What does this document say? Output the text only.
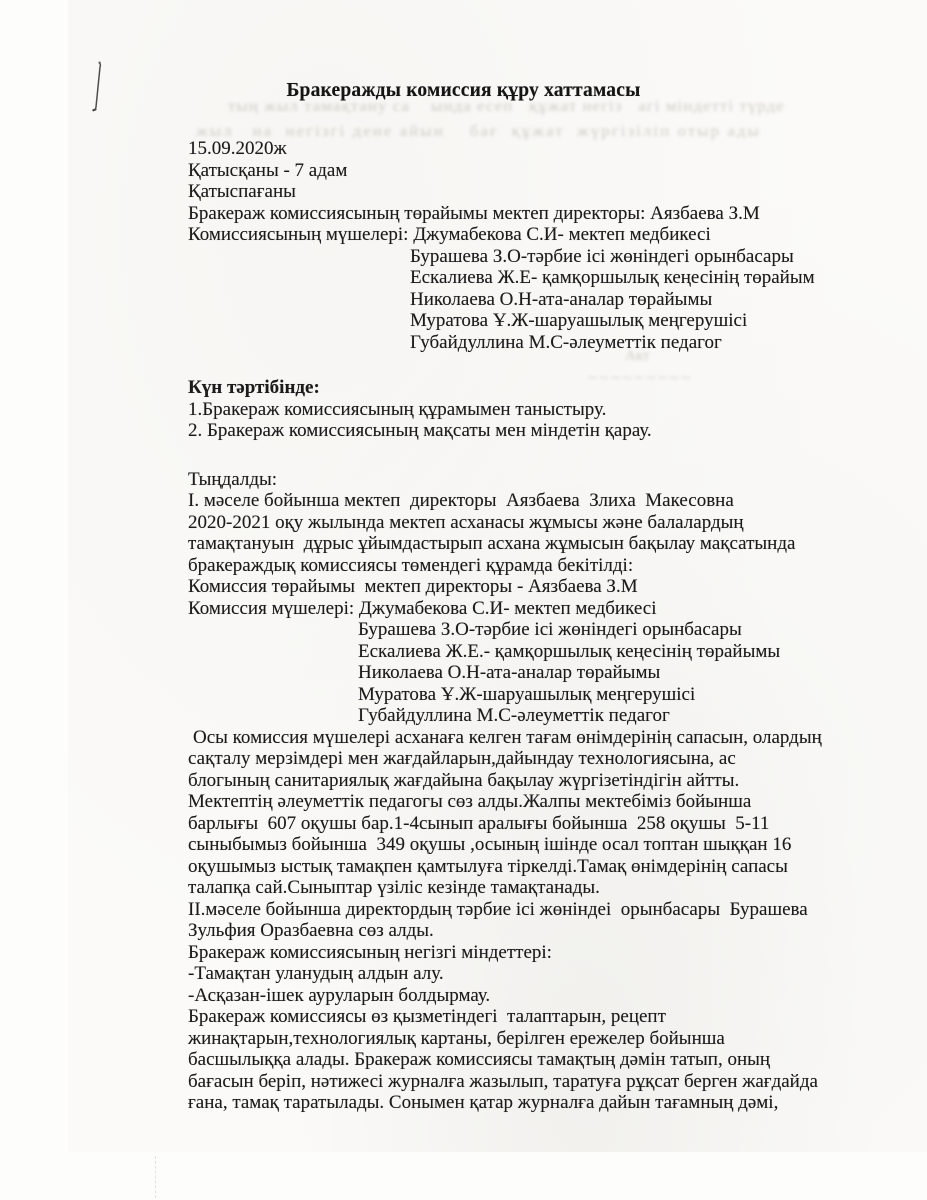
тың жыл тамақтану са    ында есеп   құжат негіз   агі міндетті түрде
жыл   на  негізгі дене айын    бағ  құжат  жүргізіліп отыр ады
Акт
~~~~~~~~~
Бракеражды комиссия құру хаттамасы
15.09.2020ж
Қатысқаны - 7 адам
Қатыспағаны
Бракераж комиссиясының төрайымы мектеп директоры: Аязбаева З.М
Комиссиясының мүшелері: Джумабекова С.И- мектеп медбикесі
Бурашева З.О-тәрбие ісі жөніндегі орынбасары
Ескалиева Ж.Е- қамқоршылық кеңесінің төрайым
Николаева О.Н-ата-аналар төрайымы
Муратова Ұ.Ж-шаруашылық меңгерушісі
Губайдуллина М.С-әлеуметтік педагог
Күн тәртібінде:
1.Бракераж комиссиясының құрамымен таныстыру.
2. Бракераж комиссиясының мақсаты мен міндетін қарау.
Тыңдалды:
І. мәселе бойынша мектеп  директоры  Аязбаева  Злиха  Макесовна
2020-2021 оқу жылында мектеп асханасы жұмысы және балалардың
тамақтануын  дұрыс ұйымдастырып асхана жұмысын бақылау мақсатында
бракераждық комиссиясы төмендегі құрамда бекітілді:
Комиссия төрайымы  мектеп директоры - Аязбаева З.М
Комиссия мүшелері: Джумабекова С.И- мектеп медбикесі
Бурашева З.О-тәрбие ісі жөніндегі орынбасары
Ескалиева Ж.Е.- қамқоршылық кеңесінің төрайымы
Николаева О.Н-ата-аналар төрайымы
Муратова Ұ.Ж-шаруашылық меңгерушісі
Губайдуллина М.С-әлеуметтік педагог
Осы комиссия мүшелері асханаға келген тағам өнімдерінің сапасын, олардың
сақталу мерзімдері мен жағдайларын,дайындау технологиясына, ас
блогының санитариялық жағдайына бақылау жүргізетіндігін айтты.
Мектептің әлеуметтік педагогы сөз алды.Жалпы мектебіміз бойынша
барлығы  607 оқушы бар.1-4сынып аралығы бойынша  258 оқушы  5-11
сыныбымыз бойынша  349 оқушы ,осының ішінде осал топтан шыққан 16
оқушымыз ыстық тамақпен қамтылуға тіркелді.Тамақ өнімдерінің сапасы
талапқа сай.Сыныптар үзіліс кезінде тамақтанады.
ІІ.мәселе бойынша директордың тәрбие ісі жөніндеі  орынбасары  Бурашева
Зульфия Оразбаевна сөз алды.
Бракераж комиссиясының негізгі міндеттері:
-Тамақтан уланудың алдын алу.
-Асқазан-ішек ауруларын болдырмау.
Бракераж комиссиясы өз қызметіндегі  талаптарын, рецепт
жинақтарын,технологиялық картаны, берілген ережелер бойынша
басшылыққа алады. Бракераж комиссиясы тамақтың дәмін татып, оның
бағасын беріп, нәтижесі журналға жазылып, таратуға рұқсат берген жағдайда
ғана, тамақ таратылады. Сонымен қатар журналға дайын тағамның дәмі,
